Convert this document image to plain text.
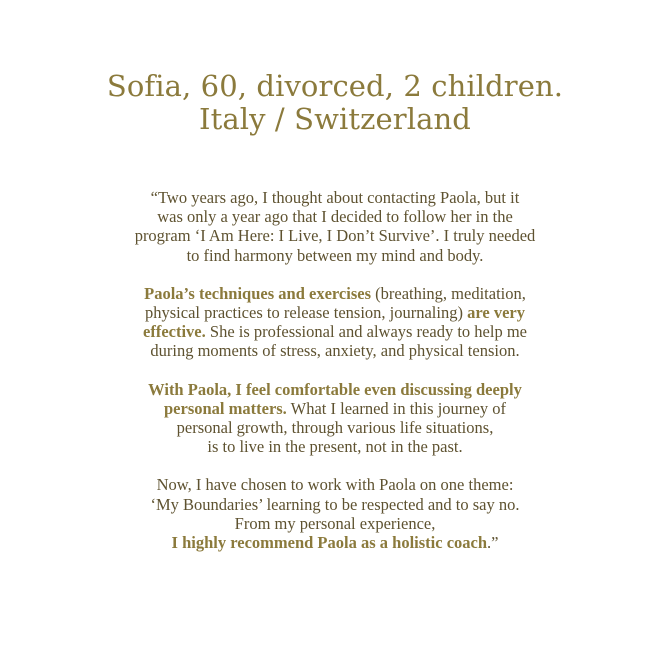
Sofia, 60, divorced, 2 children.
Italy / Switzerland

“Two years ago, I thought about contacting Paola, but it
was only a year ago that I decided to follow her in the
program ‘I Am Here: I Live, I Don’t Survive’. I truly needed
to find harmony between my mind and body.

Paola’s techniques and exercises (breathing, meditation,
physical practices to release tension, journaling) are very
effective. She is professional and always ready to help me
during moments of stress, anxiety, and physical tension.

With Paola, I feel comfortable even discussing deeply
personal matters. What I learned in this journey of
personal growth, through various life situations,
is to live in the present, not in the past.

Now, I have chosen to work with Paola on one theme:
‘My Boundaries’ learning to be respected and to say no.
From my personal experience,
I highly recommend Paola as a holistic coach.”
